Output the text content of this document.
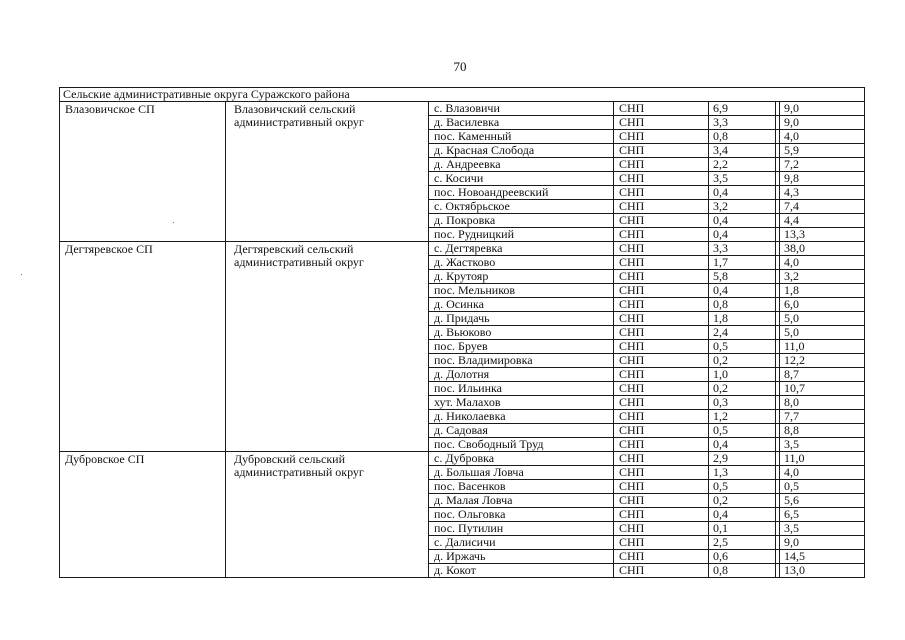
70
Сельские административные округа Суражского района						
Влазовичское СП	Влазовичский сельский административный округ	с. Влазовичи	СНП	6,9		9,0
		д. Василевка	СНП	3,3		9,0
		пос. Каменный	СНП	0,8		4,0
		д. Красная Слобода	СНП	3,4		5,9
		д. Андреевка	СНП	2,2		7,2
		с. Косичи	СНП	3,5		9,8
		пос. Новоандреевский	СНП	0,4		4,3
		с. Октябрьское	СНП	3,2		7,4
		д. Покровка	СНП	0,4		4,4
		пос. Рудницкий	СНП	0,4		13,3
Дегтяревское СП	Дегтяревский сельский административный округ	с. Дегтяревка	СНП	3,3		38,0
		д. Жастково	СНП	1,7		4,0
		д. Крутояр	СНП	5,8		3,2
		пос. Мельников	СНП	0,4		1,8
		д. Осинка	СНП	0,8		6,0
		д. Придачь	СНП	1,8		5,0
		д. Вьюково	СНП	2,4		5,0
		пос. Бруев	СНП	0,5		11,0
		пос. Владимировка	СНП	0,2		12,2
		д. Долотня	СНП	1,0		8,7
		пос. Ильинка	СНП	0,2		10,7
		хут. Малахов	СНП	0,3		8,0
		д. Николаевка	СНП	1,2		7,7
		д. Садовая	СНП	0,5		8,8
		пос. Свободный Труд	СНП	0,4		3,5
Дубровское СП	Дубровский сельский административный округ	с. Дубровка	СНП	2,9		11,0
		д. Большая Ловча	СНП	1,3		4,0
		пос. Васенков	СНП	0,5		0,5
		д. Малая Ловча	СНП	0,2		5,6
		пос. Ольговка	СНП	0,4		6,5
		пос. Путилин	СНП	0,1		3,5
		с. Далисичи	СНП	2,5		9,0
		д. Иржачь	СНП	0,6		14,5
		д. Кокот	СНП	0,8		13,0
